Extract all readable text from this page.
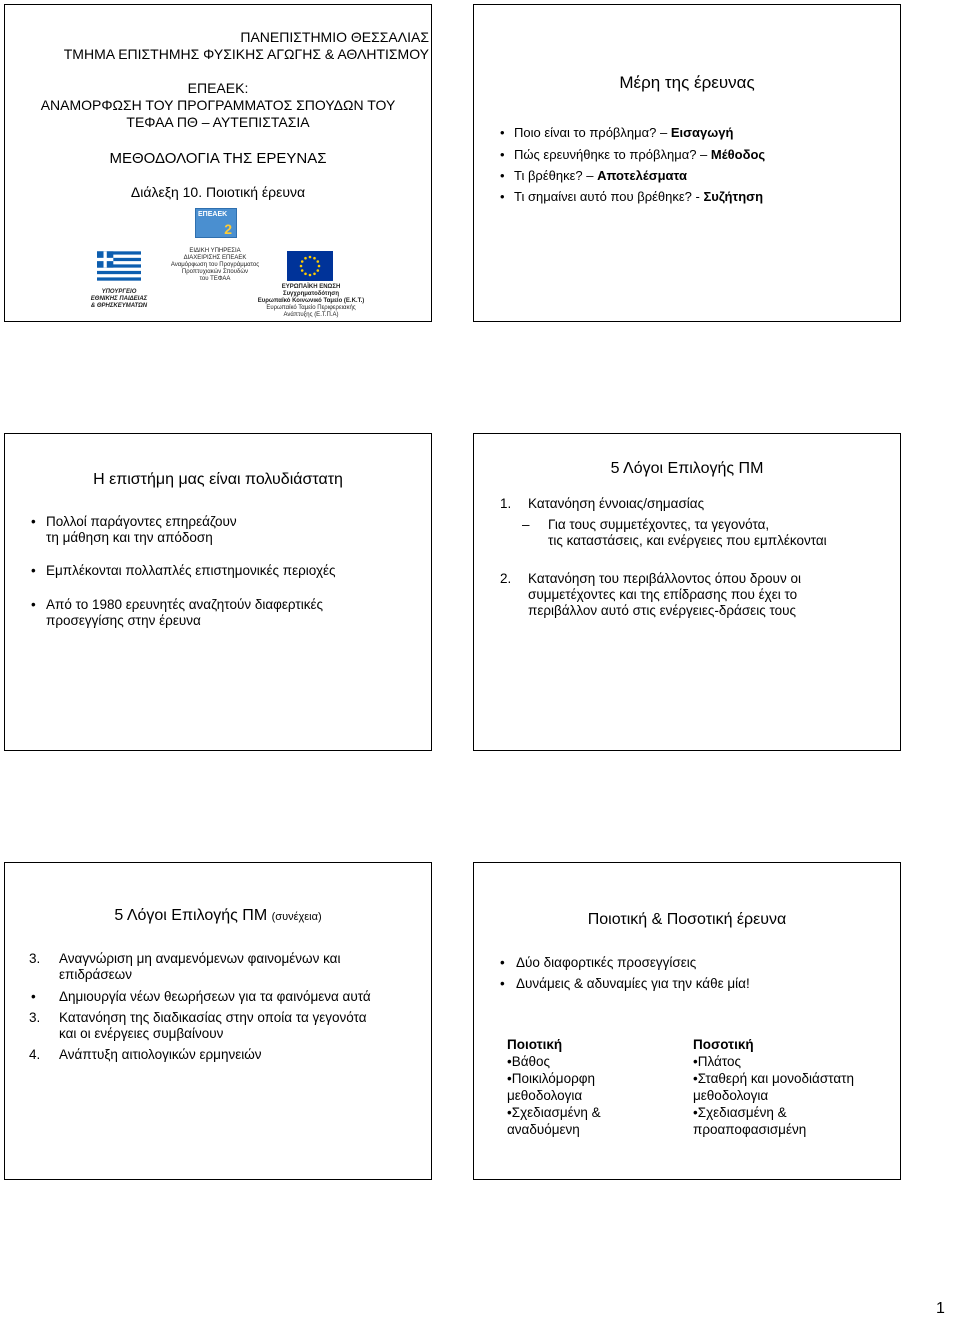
ΠΑΝΕΠΙΣΤΗΜΙΟ ΘΕΣΣΑΛΙΑΣ
ΤΜΗΜΑ ΕΠΙΣΤΗΜΗΣ ΦΥΣΙΚΗΣ ΑΓΩΓΗΣ & ΑΘΛΗΤΙΣΜΟΥ
ΕΠΕΑΕΚ:
ΑΝΑΜΟΡΦΩΣΗ ΤΟΥ ΠΡΟΓΡΑΜΜΑΤΟΣ ΣΠΟΥΔΩΝ ΤΟΥ
ΤΕΦΑΑ ΠΘ – ΑΥΤΕΠΙΣΤΑΣΙΑ
ΜΕΘΟΔΟΛΟΓΙΑ ΤΗΣ ΕΡΕΥΝΑΣ
Διάλεξη 10. Ποιοτική έρευνα
ΕΠΕΑΕΚ
2
ΕΙΔΙΚΗ ΥΠΗΡΕΣΙΑ
ΔΙΑΧΕΙΡΙΣΗΣ ΕΠΕΑΕΚ
Αναμόρφωση του Προγράμματος
Προπτυχιακών Σπουδών
του ΤΕΦΑΑ
ΥΠΟΥΡΓΕΙΟ
ΕΘΝΙΚΗΣ ΠΑΙΔΕΙΑΣ
& ΘΡΗΣΚΕΥΜΑΤΩΝ
ΕΥΡΩΠΑΪΚΗ ΕΝΩΣΗ
Συγχρηματοδότηση
Ευρωπαϊκό Κοινωνικό Ταμείο (Ε.Κ.Τ.)
Ευρωπαϊκό Ταμείο Περιφερειακής
Ανάπτυξης (Ε.Τ.Π.Α)
Μέρη της έρευνας
• Ποιο είναι το πρόβλημα? – Εισαγωγή
• Πώς ερευνήθηκε το πρόβλημα? – Μέθοδος
• Τι βρέθηκε? – Αποτελέσματα
• Τι σημαίνει αυτό που βρέθηκε? - Συζήτηση
Η επιστήμη μας είναι πολυδιάστατη
• Πολλοί παράγοντες επηρεάζουν
τη μάθηση και την απόδοση
• Εμπλέκονται πολλαπλές επιστημονικές περιοχές
• Από το 1980 ερευνητές αναζητούν διαφερτικές
προσεγγίσης στην έρευνα
5 Λόγοι Επιλογής ΠΜ
1. Κατανόηση έννοιας/σημασίας
– Για τους συμμετέχοντες, τα γεγονότα,
τις καταστάσεις, και ενέργειες που εμπλέκονται
2. Κατανόηση του περιβάλλοντος όπου δρουν οι
συμμετέχοντες και της επίδρασης που έχει το
περιβάλλον αυτό στις ενέργειες-δράσεις τους
5 Λόγοι Επιλογής ΠΜ (συνέχεια)
3. Αναγνώριση μη αναμενόμενων φαινομένων και
επιδράσεων
• Δημιουργία νέων θεωρήσεων για τα φαινόμενα αυτά
3. Κατανόηση της διαδικασίας στην οποία τα γεγονότα
και οι ενέργειες συμβαίνουν
4. Ανάπτυξη αιτιολογικών ερμηνειών
Ποιοτική & Ποσοτική έρευνα
• Δύο διαφορτικές προσεγγίσεις
• Δυνάμεις & αδυναμίες για την κάθε μία!
Ποιοτική
•Βάθος
•Ποικιλόμορφη
μεθοδολογια
•Σχεδιασμένη &
αναδυόμενη
Ποσοτική
•Πλάτος
•Σταθερή και μονοδιάστατη
μεθοδολογια
•Σχεδιασμένη &
προαποφασισμένη
1
